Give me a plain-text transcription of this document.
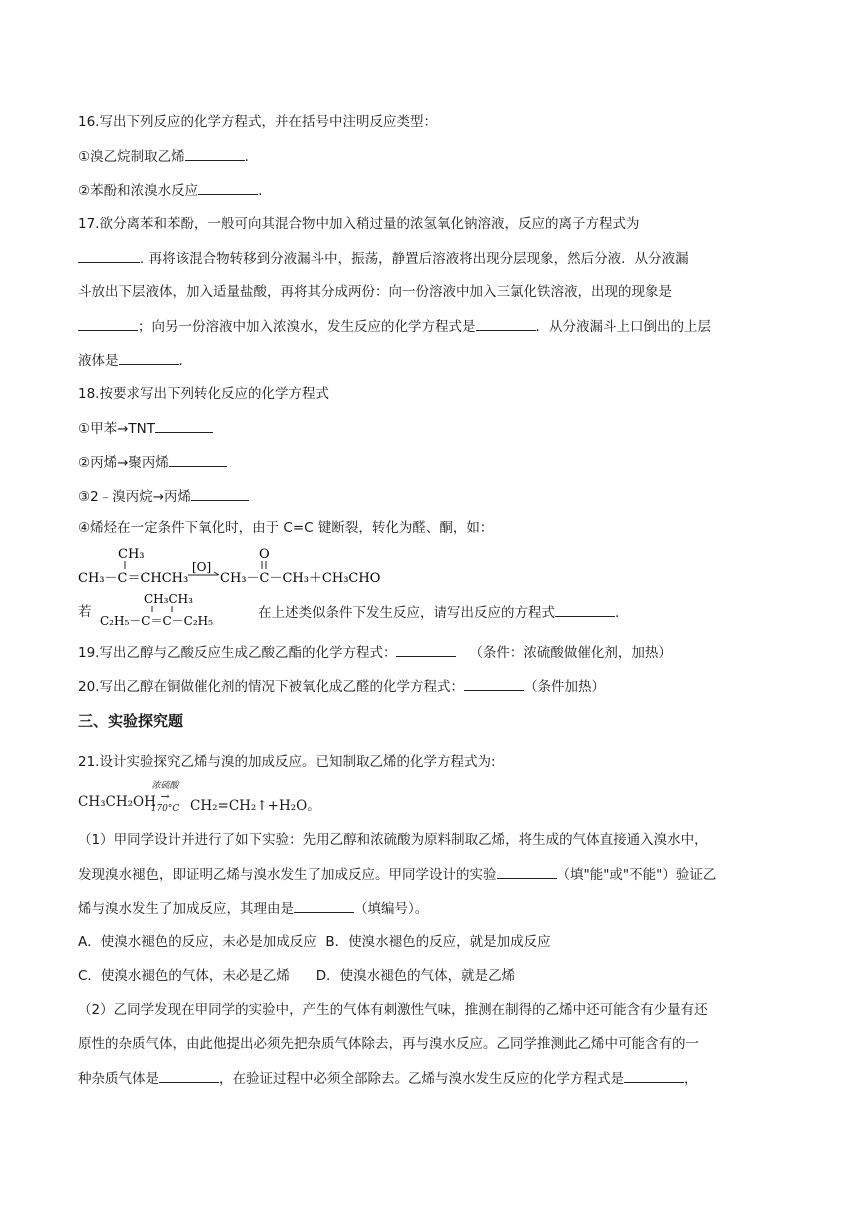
16.写出下列反应的化学方程式，并在括号中注明反应类型：
①溴乙烷制取乙烯	.
②苯酚和浓溴水反应	.
17.欲分离苯和苯酚，一般可向其混合物中加入稍过量的浓氢氧化钠溶液，反应的离子方程式为
. 再将该混合物转移到分液漏斗中，振荡，静置后溶液将出现分层现象，然后分液．从分液漏
斗放出下层液体，加入适量盐酸，再将其分成两份：向一份溶液中加入三氯化铁溶液，出现的现象是
；向另一份溶液中加入浓溴水，发生反应的化学方程式是	．从分液漏斗上口倒出的上层
液体是	.
18.按要求写出下列转化反应的化学方程式
①甲苯→TNT
②丙烯→聚丙烯
③2﹣溴丙烷→丙烯
④烯烃在一定条件下氧化时，由于 C=C 键断裂，转化为醛、酮，如：
CH₃
CH₃－C＝CHCH₃
[O]
O
CH₃－C－CH₃＋CH₃CHO
若
CH₃CH₃
C₂H₅－C＝C－C₂H₅	在上述类似条件下发生反应，请写出反应的方程式	.
19.写出乙醇与乙酸反应生成乙酸乙酯的化学方程式：	（条件：浓硫酸做催化剂，加热）
20.写出乙醇在铜做催化剂的情况下被氧化成乙醛的化学方程式：	（条件加热）
三、实验探究题
21.设计实验探究乙烯与溴的加成反应。已知制取乙烯的化学方程式为:
CH₃CH₂OH
浓硫酸
→
170°C CH₂=CH₂↑+H₂O。
（1）甲同学设计并进行了如下实验：先用乙醇和浓硫酸为原料制取乙烯，将生成的气体直接通入溴水中，
发现溴水褪色，即证明乙烯与溴水发生了加成反应。甲同学设计的实验	（填"能"或"不能"）验证乙
烯与溴水发生了加成反应，其理由是	（填编号）。
A．使溴水褪色的反应，未必是加成反应 B．使溴水褪色的反应，就是加成反应
C．使溴水褪色的气体，未必是乙烯 D．使溴水褪色的气体，就是乙烯
（2）乙同学发现在甲同学的实验中，产生的气体有刺激性气味，推测在制得的乙烯中还可能含有少量有还
原性的杂质气体，由此他提出必须先把杂质气体除去，再与溴水反应。乙同学推测此乙烯中可能含有的一
种杂质气体是	，在验证过程中必须全部除去。乙烯与溴水发生反应的化学方程式是	，
